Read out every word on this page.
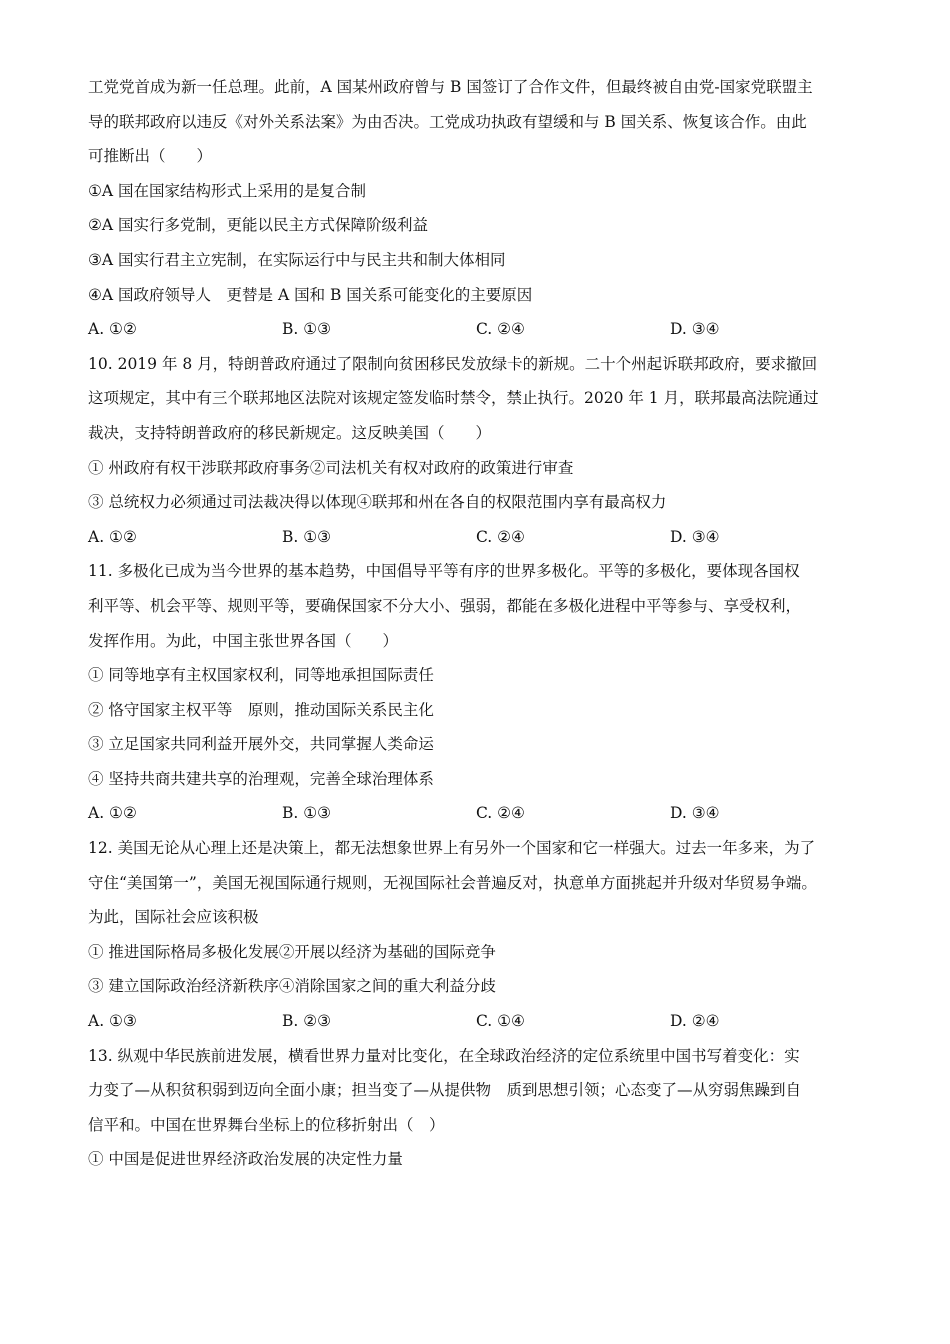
工党党首成为新一任总理。此前，A 国某州政府曾与 B 国签订了合作文件，但最终被自由党-国家党联盟主
导的联邦政府以违反《对外关系法案》为由否决。工党成功执政有望缓和与 B 国关系、恢复该合作。由此
可推断出（　　）
①A 国在国家结构形式上采用的是复合制
②A 国实行多党制，更能以民主方式保障阶级利益
③A 国实行君主立宪制，在实际运行中与民主共和制大体相同
④A 国政府领导人　更替是 A 国和 B 国关系可能变化的主要原因
A. ①②	B. ①③	C. ②④	D. ③④
10. 2019 年 8 月，特朗普政府通过了限制向贫困移民发放绿卡的新规。二十个州起诉联邦政府，要求撤回
这项规定，其中有三个联邦地区法院对该规定签发临时禁令，禁止执行。2020 年 1 月，联邦最高法院通过
裁决，支持特朗普政府的移民新规定。这反映美国（　　）
① 州政府有权干涉联邦政府事务②司法机关有权对政府的政策进行审查
③ 总统权力必须通过司法裁决得以体现④联邦和州在各自的权限范围内享有最高权力
A. ①②	B. ①③	C. ②④	D. ③④
11. 多极化已成为当今世界的基本趋势，中国倡导平等有序的世界多极化。平等的多极化，要体现各国权
利平等、机会平等、规则平等，要确保国家不分大小、强弱，都能在多极化进程中平等参与、享受权利，
发挥作用。为此，中国主张世界各国（　　）
① 同等地享有主权国家权利，同等地承担国际责任
② 恪守国家主权平等　原则，推动国际关系民主化
③ 立足国家共同利益开展外交，共同掌握人类命运
④ 坚持共商共建共享的治理观，完善全球治理体系
A. ①②	B. ①③	C. ②④	D. ③④
12. 美国无论从心理上还是决策上，都无法想象世界上有另外一个国家和它一样强大。过去一年多来，为了
守住“美国第一”，美国无视国际通行规则，无视国际社会普遍反对，执意单方面挑起并升级对华贸易争端。
为此，国际社会应该积极
① 推进国际格局多极化发展②开展以经济为基础的国际竞争
③ 建立国际政治经济新秩序④消除国家之间的重大利益分歧
A. ①③	B. ②③	C. ①④	D. ②④
13. 纵观中华民族前进发展，横看世界力量对比变化，在全球政治经济的定位系统里中国书写着变化：实
力变了—从积贫积弱到迈向全面小康；担当变了—从提供物　质到思想引领；心态变了—从穷弱焦躁到自
信平和。中国在世界舞台坐标上的位移折射出（　）
① 中国是促进世界经济政治发展的决定性力量
